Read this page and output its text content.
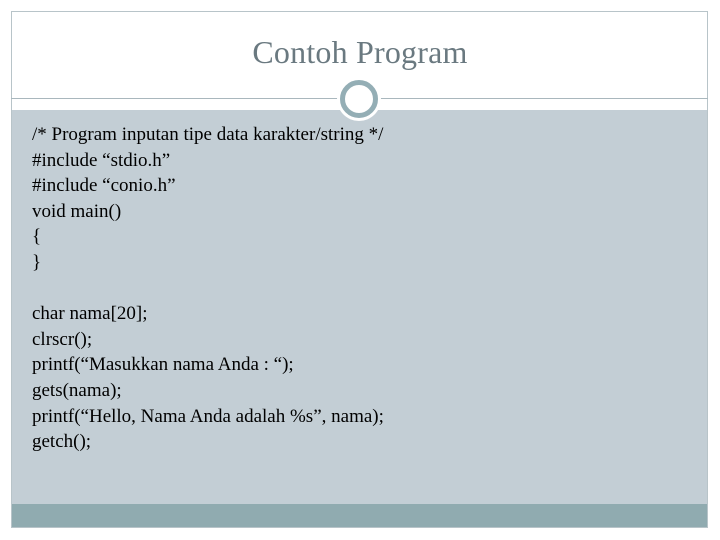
Contoh Program
/* Program inputan tipe data karakter/string */
#include “stdio.h”
#include “conio.h”
void main()
{
}
char nama[20];
clrscr();
printf(“Masukkan nama Anda : “);
gets(nama);
printf(“Hello, Nama Anda adalah %s”, nama);
getch();
